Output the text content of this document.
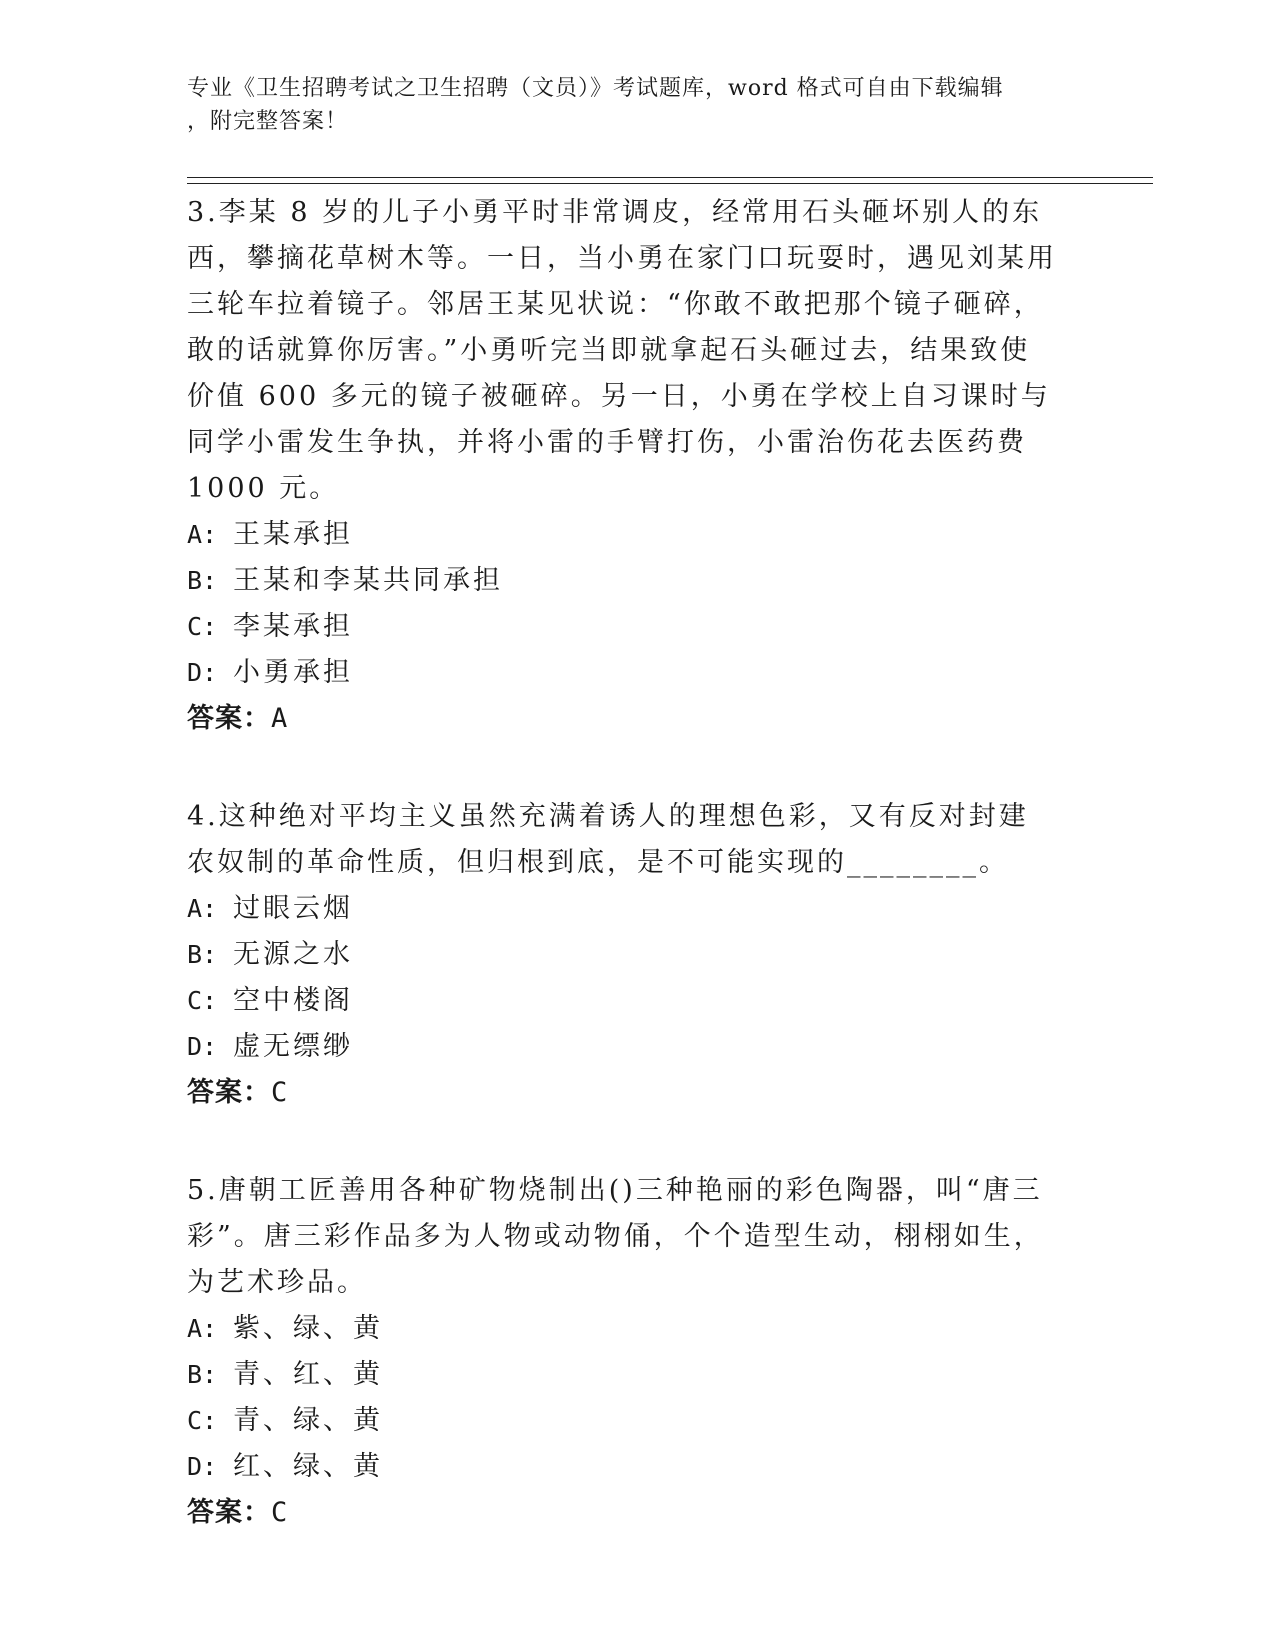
专业《卫生招聘考试之卫生招聘（文员）》考试题库，word 格式可自由下载编辑
，附完整答案！

3.李某 8 岁的儿子小勇平时非常调皮，经常用石头砸坏别人的东西，攀摘花草树木等。一日，当小勇在家门口玩耍时，遇见刘某用三轮车拉着镜子。邻居王某见状说：“你敢不敢把那个镜子砸碎，敢的话就算你厉害。”小勇听完当即就拿起石头砸过去，结果致使价值 600 多元的镜子被砸碎。另一日，小勇在学校上自习课时与同学小雷发生争执，并将小雷的手臂打伤，小雷治伤花去医药费 1000 元。

A: 王某承担

B: 王某和李某共同承担

C: 李某承担

D: 小勇承担

答案：A

4.这种绝对平均主义虽然充满着诱人的理想色彩，又有反对封建农奴制的革命性质，但归根到底，是不可能实现的________。

A: 过眼云烟

B: 无源之水

C: 空中楼阁

D: 虚无缥缈

答案：C

5.唐朝工匠善用各种矿物烧制出()三种艳丽的彩色陶器，叫“唐三彩”。唐三彩作品多为人物或动物俑，个个造型生动，栩栩如生，为艺术珍品。

A: 紫、绿、黄

B: 青、红、黄

C: 青、绿、黄

D: 红、绿、黄

答案：C
